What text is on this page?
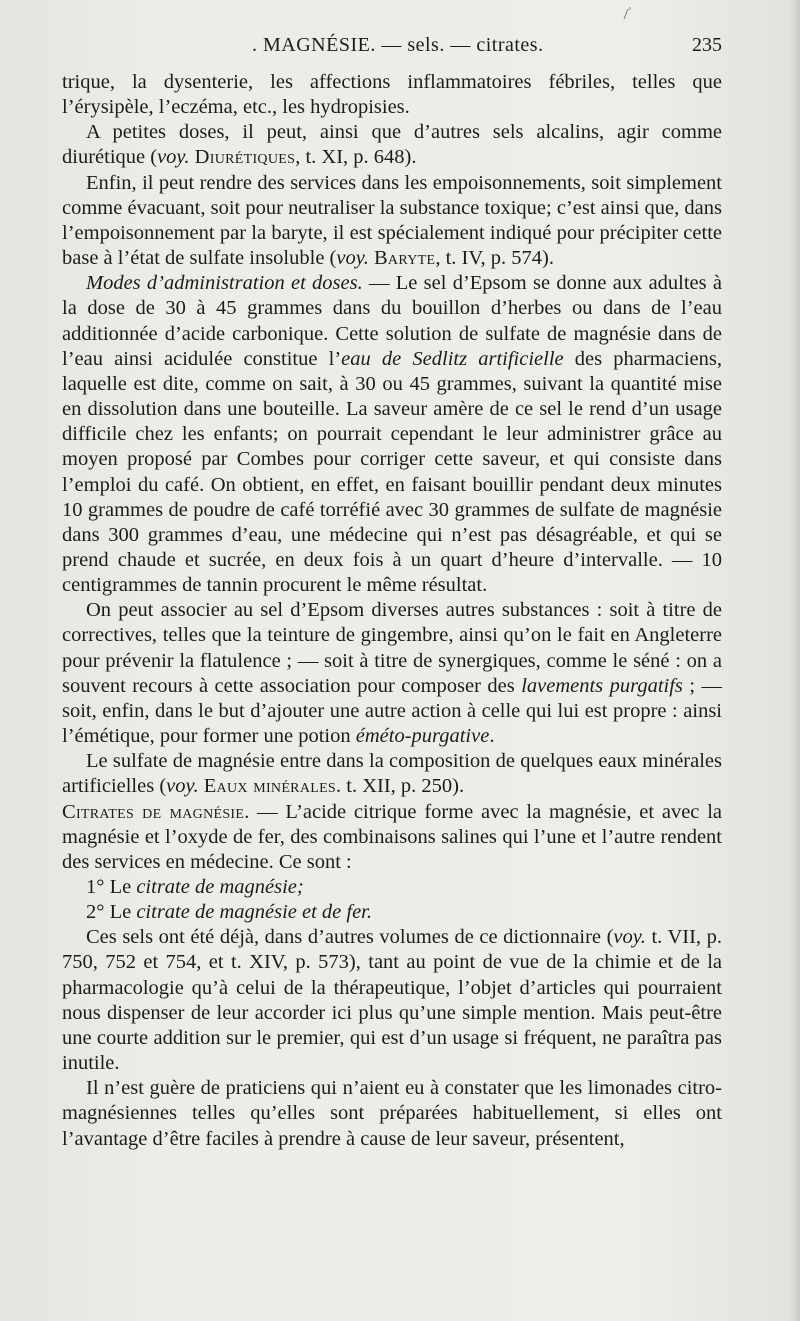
. MAGNÉSIE. — sels. — citrates.	235

trique, la dysenterie, les affections inflammatoires fébriles, telles que l’érysipèle, l’eczéma, etc., les hydropisies.

A petites doses, il peut, ainsi que d’autres sels alcalins, agir comme diurétique (voy. Diurétiques, t. XI, p. 648).

Enfin, il peut rendre des services dans les empoisonnements, soit simplement comme évacuant, soit pour neutraliser la substance toxique; c’est ainsi que, dans l’empoisonnement par la baryte, il est spécialement indiqué pour précipiter cette base à l’état de sulfate insoluble (voy. Baryte, t. IV, p. 574).

Modes d’administration et doses. — Le sel d’Epsom se donne aux adultes à la dose de 30 à 45 grammes dans du bouillon d’herbes ou dans de l’eau additionnée d’acide carbonique. Cette solution de sulfate de magnésie dans de l’eau ainsi acidulée constitue l’eau de Sedlitz artificielle des pharmaciens, laquelle est dite, comme on sait, à 30 ou 45 grammes, suivant la quantité mise en dissolution dans une bouteille. La saveur amère de ce sel le rend d’un usage difficile chez les enfants; on pourrait cependant le leur administrer grâce au moyen proposé par Combes pour corriger cette saveur, et qui consiste dans l’emploi du café. On obtient, en effet, en faisant bouillir pendant deux minutes 10 grammes de poudre de café torréfié avec 30 grammes de sulfate de magnésie dans 300 grammes d’eau, une médecine qui n’est pas désagréable, et qui se prend chaude et sucrée, en deux fois à un quart d’heure d’intervalle. — 10 centigrammes de tannin procurent le même résultat.

On peut associer au sel d’Epsom diverses autres substances : soit à titre de correctives, telles que la teinture de gingembre, ainsi qu’on le fait en Angleterre pour prévenir la flatulence ; — soit à titre de synergiques, comme le séné : on a souvent recours à cette association pour composer des lavements purgatifs ; — soit, enfin, dans le but d’ajouter une autre action à celle qui lui est propre : ainsi l’émétique, pour former une potion éméto-purgative.

Le sulfate de magnésie entre dans la composition de quelques eaux minérales artificielles (voy. Eaux minérales. t. XII, p. 250).

Citrates de magnésie. — L’acide citrique forme avec la magnésie, et avec la magnésie et l’oxyde de fer, des combinaisons salines qui l’une et l’autre rendent des services en médecine. Ce sont :

1° Le citrate de magnésie;

2° Le citrate de magnésie et de fer.

Ces sels ont été déjà, dans d’autres volumes de ce dictionnaire (voy. t. VII, p. 750, 752 et 754, et t. XIV, p. 573), tant au point de vue de la chimie et de la pharmacologie qu’à celui de la thérapeutique, l’objet d’articles qui pourraient nous dispenser de leur accorder ici plus qu’une simple mention. Mais peut-être une courte addition sur le premier, qui est d’un usage si fréquent, ne paraîtra pas inutile.

Il n’est guère de praticiens qui n’aient eu à constater que les limonades citro-magnésiennes telles qu’elles sont préparées habituellement, si elles ont l’avantage d’être faciles à prendre à cause de leur saveur, présentent,
